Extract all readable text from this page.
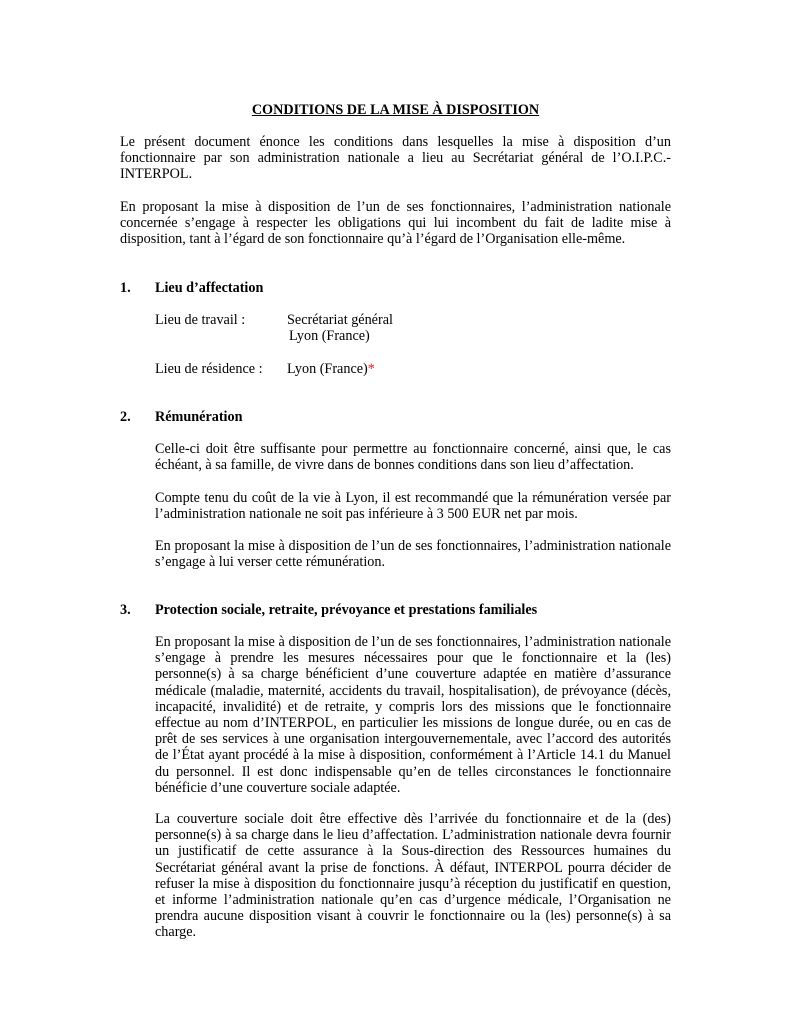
CONDITIONS DE LA MISE À DISPOSITION
Le présent document énonce les conditions dans lesquelles la mise à disposition d’un fonctionnaire par son administration nationale a lieu au Secrétariat général de l’O.I.P.C.-INTERPOL.
En proposant la mise à disposition de l’un de ses fonctionnaires, l’administration nationale concernée s’engage à respecter les obligations qui lui incombent du fait de ladite mise à disposition, tant à l’égard de son fonctionnaire qu’à l’égard de l’Organisation elle-même.
1. Lieu d’affectation
Lieu de travail :	Secrétariat général
Lyon (France)
Lieu de résidence : Lyon (France)*
2. Rémunération
Celle-ci doit être suffisante pour permettre au fonctionnaire concerné, ainsi que, le cas échéant, à sa famille, de vivre dans de bonnes conditions dans son lieu d’affectation.
Compte tenu du coût de la vie à Lyon, il est recommandé que la rémunération versée par l’administration nationale ne soit pas inférieure à 3 500 EUR net par mois.
En proposant la mise à disposition de l’un de ses fonctionnaires, l’administration nationale s’engage à lui verser cette rémunération.
3. Protection sociale, retraite, prévoyance et prestations familiales
En proposant la mise à disposition de l’un de ses fonctionnaires, l’administration nationale s’engage à prendre les mesures nécessaires pour que le fonctionnaire et la (les) personne(s) à sa charge bénéficient d’une couverture adaptée en matière d’assurance médicale (maladie, maternité, accidents du travail, hospitalisation), de prévoyance (décès, incapacité, invalidité) et de retraite, y compris lors des missions que le fonctionnaire effectue au nom d’INTERPOL, en particulier les missions de longue durée, ou en cas de prêt de ses services à une organisation intergouvernementale, avec l’accord des autorités de l’État ayant procédé à la mise à disposition, conformément à l’Article 14.1 du Manuel du personnel. Il est donc indispensable qu’en de telles circonstances le fonctionnaire bénéficie d’une couverture sociale adaptée.
La couverture sociale doit être effective dès l’arrivée du fonctionnaire et de la (des) personne(s) à sa charge dans le lieu d’affectation. L’administration nationale devra fournir un justificatif de cette assurance à la Sous-direction des Ressources humaines du Secrétariat général avant la prise de fonctions. À défaut, INTERPOL pourra décider de refuser la mise à disposition du fonctionnaire jusqu’à réception du justificatif en question, et informe l’administration nationale qu’en cas d’urgence médicale, l’Organisation ne prendra aucune disposition visant à couvrir le fonctionnaire ou la (les) personne(s) à sa charge.
